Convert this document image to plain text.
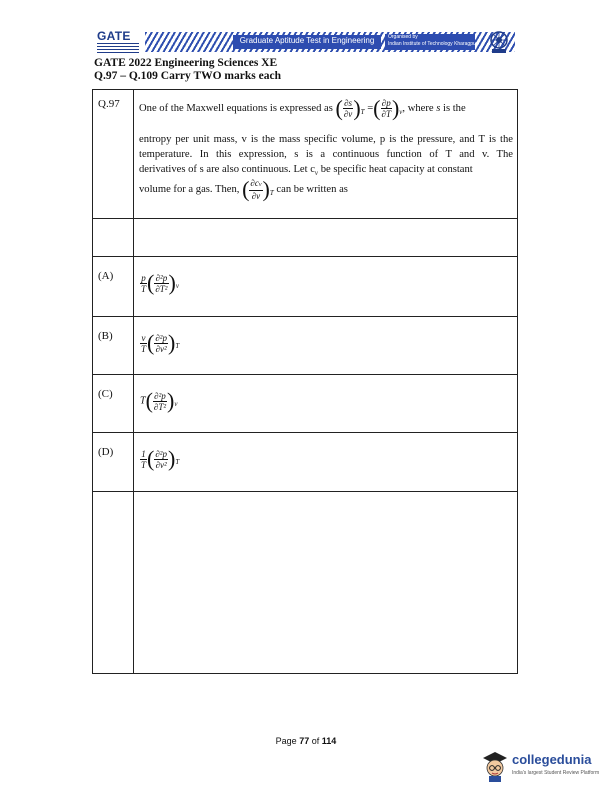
GATE	Graduate Aptitude Test in Engineering	Organised by
Indian Institute of Technology Kharagpur
GATE 2022 Engineering Sciences XE
Q.97 – Q.109 Carry TWO marks each
Q.97 One of the Maxwell equations is expressed as ( $\frac{\partial s}{\partial v} )_T$ =( $\frac{\partial p}{\partial T} )_v$, where s is the
entropy per unit mass, v is the mass specific volume, p is the pressure, and T is the
temperature. In this expression, s is a continuous function of T and v. The
derivatives of s are also continuous. Let $c_v$ be specific heat capacity at constant
volume for a gas. Then, ( $\frac{\partial cv}{\partial v} )_T$ can be written as
(A)	$\frac{p}{T}$ ( $\frac{\text{∂²p}}{\text{∂T²}} )_v$
(B)	$\frac{v}{T}$ ( $\frac{\text{∂²p}}{\text{∂v²}} )_T$
(C)
$T( \frac{\text{∂²p}}{\text{∂T²}} )_v$
(D)	$\frac{1}{T}$ ( $\frac{\text{∂²p}}{\text{∂v²}} )_T$
Page 77 of 114
collegedunia
India's largest Student Review Platform
